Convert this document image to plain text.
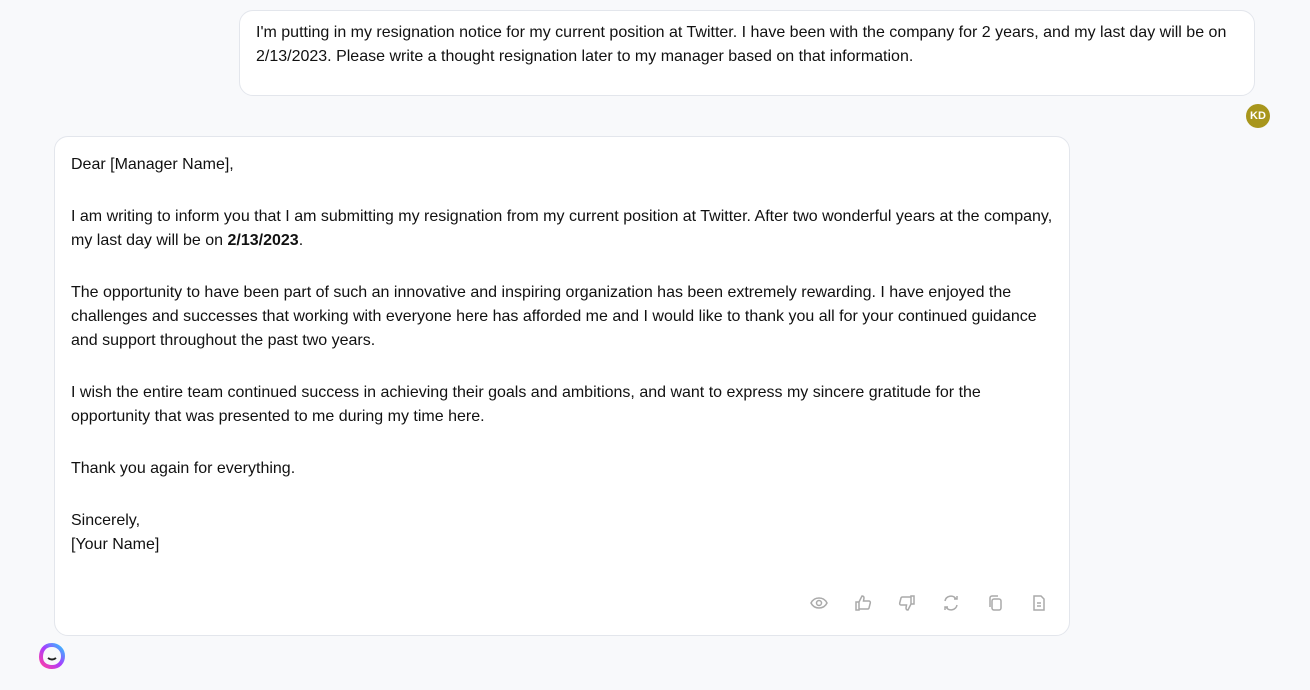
I'm putting in my resignation notice for my current position at Twitter. I have been with the company for 2 years, and my last day will be on 2/13/2023. Please write a thought resignation later to my manager based on that information.
KD

Dear [Manager Name],

I am writing to inform you that I am submitting my resignation from my current position at Twitter. After two wonderful years at the company, my last day will be on 2/13/2023.

The opportunity to have been part of such an innovative and inspiring organization has been extremely rewarding. I have enjoyed the challenges and successes that working with everyone here has afforded me and I would like to thank you all for your continued guidance and support throughout the past two years.

I wish the entire team continued success in achieving their goals and ambitions, and want to express my sincere gratitude for the opportunity that was presented to me during my time here.

Thank you again for everything.

Sincerely,

[Your Name]
